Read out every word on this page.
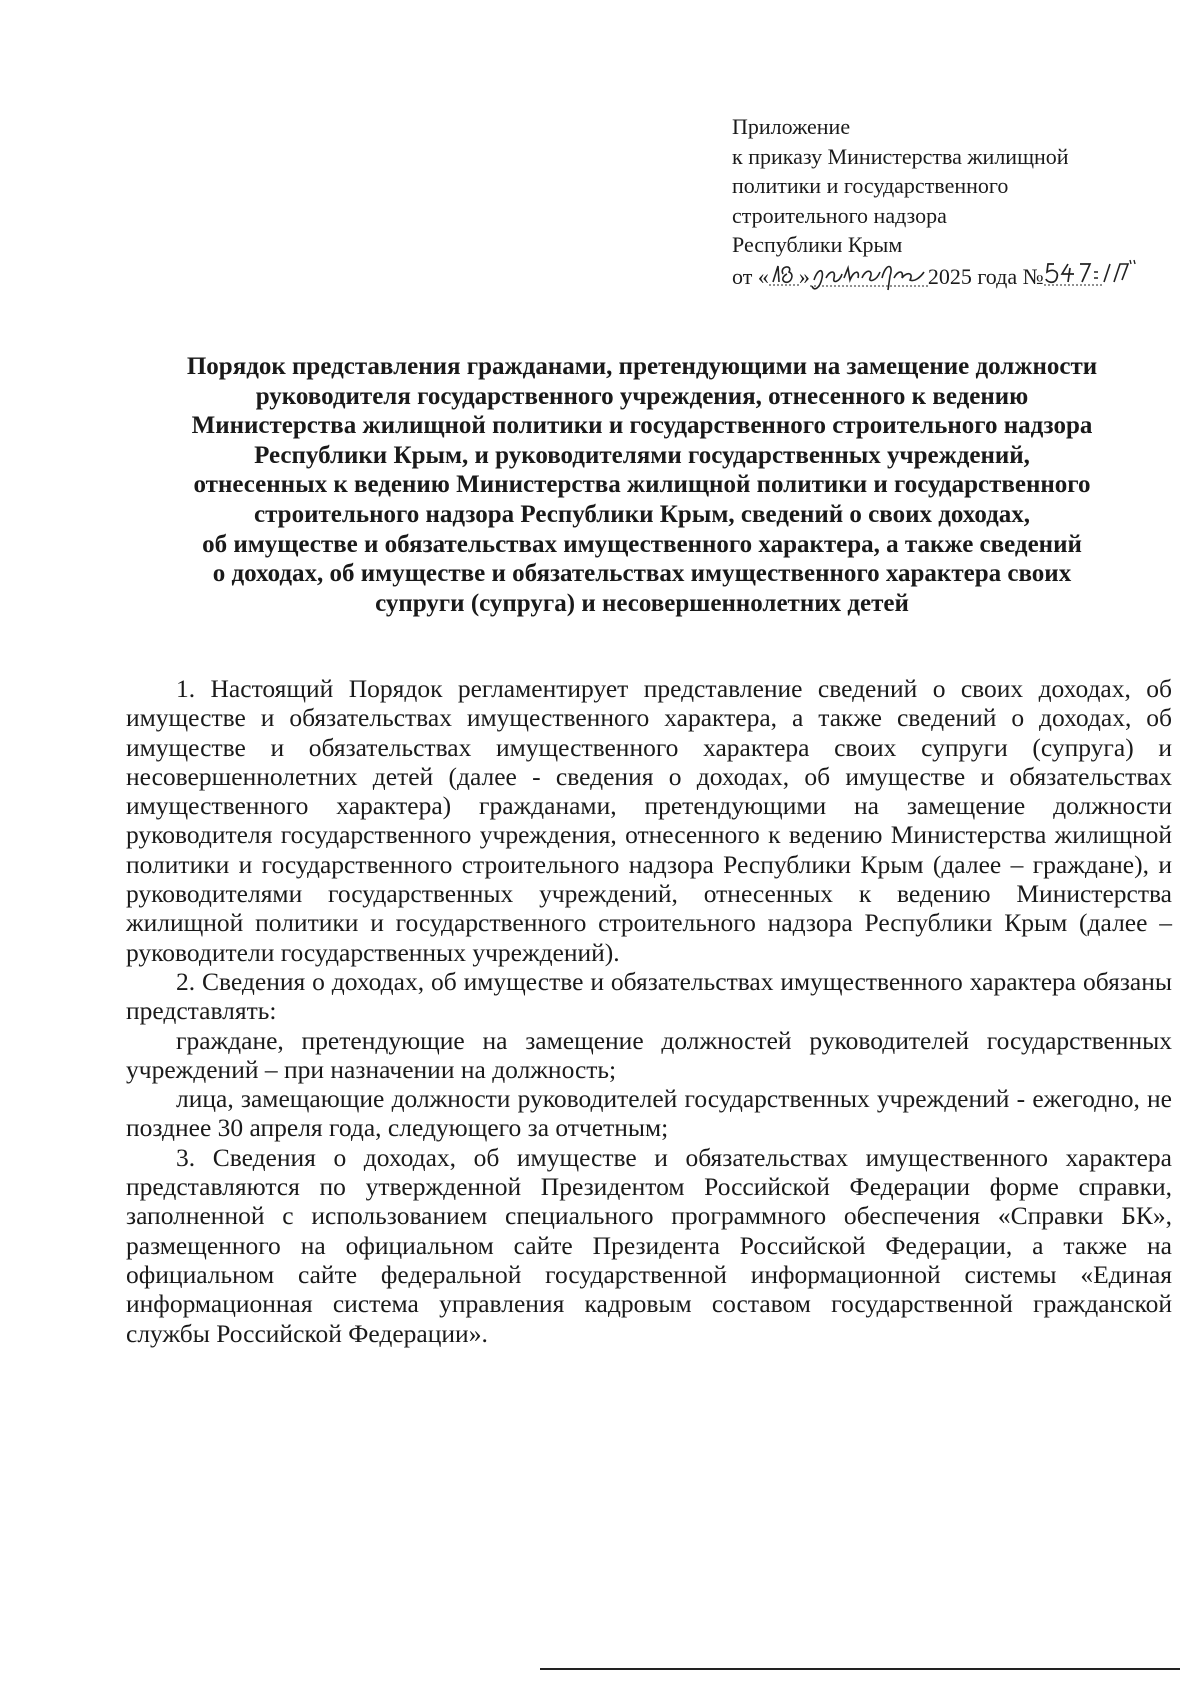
Приложение
к приказу Министерства жилищной
политики и государственного
строительного надзора
Республики Крым
от « »	2025 года №
Порядок представления гражданами, претендующими на замещение должности
руководителя государственного учреждения, отнесенного к ведению
Министерства жилищной политики и государственного строительного надзора
Республики Крым, и руководителями государственных учреждений,
отнесенных к ведению Министерства жилищной политики и государственного
строительного надзора Республики Крым, сведений о своих доходах,
об имуществе и обязательствах имущественного характера, а также сведений
о доходах, об имуществе и обязательствах имущественного характера своих
супруги (супруга) и несовершеннолетних детей

1. Настоящий Порядок регламентирует представление сведений о своих доходах, об имуществе и обязательствах имущественного характера, а также сведений о доходах, об имуществе и обязательствах имущественного характера своих супруги (супруга) и несовершеннолетних детей (далее - сведения о доходах, об имуществе и обязательствах имущественного характера) гражданами, претендующими на замещение должности руководителя государственного учреждения, отнесенного к ведению Министерства жилищной политики и государственного строительного надзора Республики Крым (далее – граждане), и руководителями государственных учреждений, отнесенных к ведению Министерства жилищной политики и государственного строительного надзора Республики Крым (далее – руководители государственных учреждений).

2. Сведения о доходах, об имуществе и обязательствах имущественного характера обязаны представлять:

граждане, претендующие на замещение должностей руководителей государственных учреждений – при назначении на должность;

лица, замещающие должности руководителей государственных учреждений - ежегодно, не позднее 30 апреля года, следующего за отчетным;

3. Сведения о доходах, об имуществе и обязательствах имущественного характера представляются по утвержденной Президентом Российской Федерации форме справки, заполненной с использованием специального программного обеспечения «Справки БК», размещенного на официальном сайте Президента Российской Федерации, а также на официальном сайте федеральной государственной информационной системы «Единая информационная система управления кадровым составом государственной гражданской службы Российской Федерации».
